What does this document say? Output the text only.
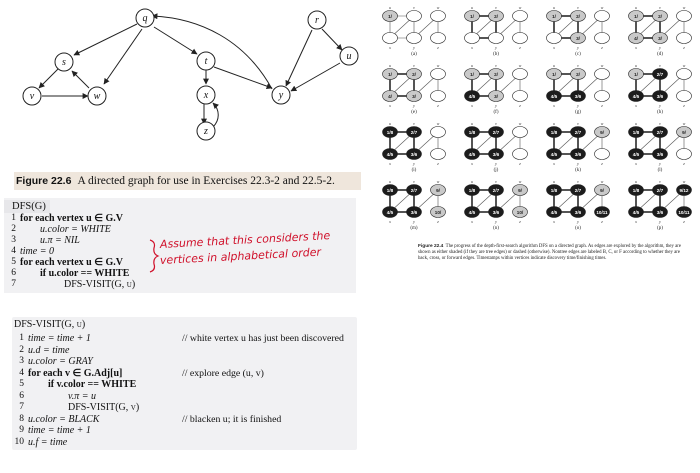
q	r
s	t	u
v	w	x	y
z
Figure 22.6 A directed graph for use in Exercises 22.3-2 and 22.5-2.
DFS(G)
1 for each vertex u ∈ G.V
2 u.color = WHITE
3 u.π = NIL
4 time = 0
5 for each vertex u ∈ G.V
6 if u.color == WHITE
7	DFS-VISIT(G, u)
Assume that this considers the
vertices in alphabetical order
DFS-VISIT(G, u)
1 time = time + 1	// white vertex u has just been discovered
2 u.d = time
3 u.color = GRAY
4 for each v ∈ G.Adj[u]	// explore edge (u, v)
5 if v.color == WHITE
6	v.π = u
7	DFS-VISIT(G, v)
8 u.color = BLACK	// blacken u; it is finished
9 time = time + 1
10 u.f = time
1/
u	v	w
x	y	z
(a)
1/
u
2/
v	w
x	y	z
(b)
1/
u
2/
v	w
x
3/
y	z
(c)
1/
u
2/
v	w
4/
x
3/
y	z
(d)
1/
u
2/
v	w
4/
x
3/
y	z
(e)
1/
u
2/
v	w
4/5
x
3/
y	z
(f)
1/
u
2/
v	w
4/5
x
3/6
y	z
(g)
1/
u
2/7
v	w
4/5
x
3/6
y	z
(h)
1/8
u
2/7
v	w
4/5
x
3/6
y	z
(i)
1/8
u
2/7
v	w
4/5
x
3/6
y	z
(j)
1/8
u
2/7
v
9/
w
4/5
x
3/6
y	z
(k)
1/8
u
2/7
v
9/
w
4/5
x
3/6
y	z
(l)
1/8
u
2/7
v
9/
w
4/5
x
3/6
y
10/
z
(m)
1/8
u
2/7
v
9/
w
4/5
x
3/6
y
10/
z
(n)
1/8
u
2/7
v
9/
w
4/5
x
3/6
y
10/11
z
(o)
1/8
u
2/7
v
9/12
w
4/5
x
3/6
y
10/11
z
(p)
Figure 22.4 The progress of the depth-first-search algorithm DFS on a directed graph. As edges are explored by the algorithm, they are shown as either shaded (if they are tree edges) or dashed (otherwise). Nontree edges are labeled B, C, or F according to whether they are back, cross, or forward edges. Timestamps within vertices indicate discovery time/finishing times.
